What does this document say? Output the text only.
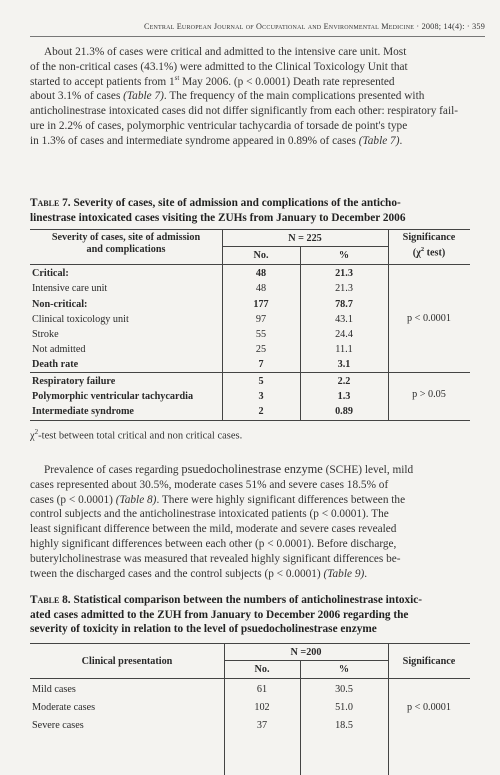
Central European Journal of Occupational and Environmental Medicine · 2008; 14(4): · 359
About 21.3% of cases were critical and admitted to the intensive care unit. Most
of the non-critical cases (43.1%) were admitted to the Clinical Toxicology Unit that
started to accept patients from 1st May 2006. (p < 0.0001) Death rate represented
about 3.1% of cases (Table 7). The frequency of the main complications presented with
anticholinestrase intoxicated cases did not differ significantly from each other: respiratory fail-
ure in 2.2% of cases, polymorphic ventricular tachycardia of torsade de point's type
in 1.3% of cases and intermediate syndrome appeared in 0.89% of cases (Table 7).
Table 7. Severity of cases, site of admission and complications of the anticho-
linestrase intoxicated cases visiting the ZUHs from January to December 2006
Severity of cases, site of admission
and complications
N = 225
No.	%
Significance
($\chi^2$ test)
Critical:	48	21.3
Intensive care unit	48	21.3
Non-critical:	177	78.7
Clinical toxicology unit	97	43.1
Stroke	55	24.4
Not admitted	25	11.1
Death rate	7	3.1
Respiratory failure	5	2.2
Polymorphic ventricular tachycardia	3	1.3
Intermediate syndrome	2	0.89
p < 0.0001
p > 0.05
$\chi^2$-test between total critical and non critical cases.
Prevalence of cases regarding psuedocholinestrase enzyme (SCHE) level, mild
cases represented about 30.5%, moderate cases 51% and severe cases 18.5% of
cases (p < 0.0001) (Table 8). There were highly significant differences between the
control subjects and the anticholinestrase intoxicated patients (p < 0.0001). The
least significant difference between the mild, moderate and severe cases revealed
highly significant differences between each other (p < 0.0001). Before discharge,
buterylcholinestrase was measured that revealed highly significant differences be-
tween the discharged cases and the control subjects (p < 0.0001) (Table 9).
Table 8. Statistical comparison between the numbers of anticholinestrase intoxic-
ated cases admitted to the ZUH from January to December 2006 regarding the
severity of toxicity in relation to the level of psuedocholinestrase enzyme
Clinical presentation
N =200
No.	%
Significance
Mild cases	61	30.5
Moderate cases	102	51.0
Severe cases	37	18.5
p < 0.0001
